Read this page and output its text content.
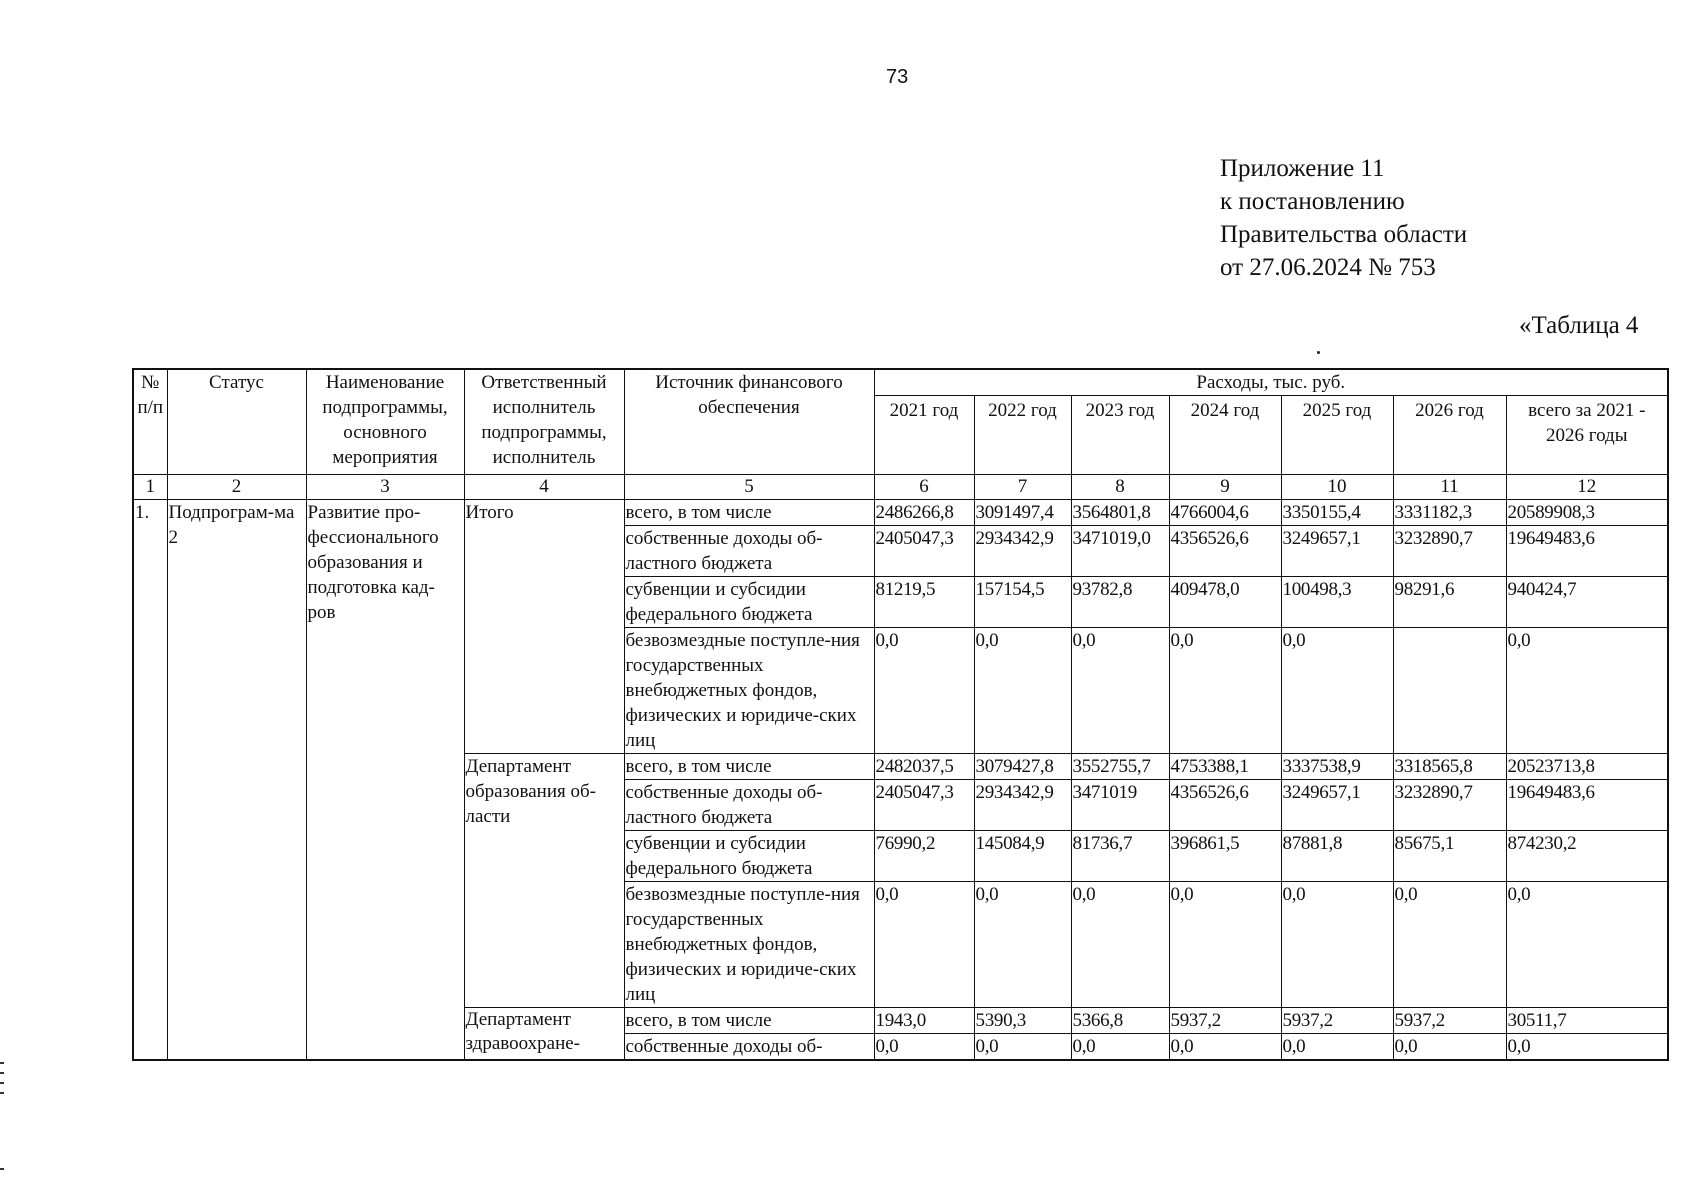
73
Приложение 11
к постановлению
Правительства области
от 27.06.2024 № 753
«Таблица 4
№ п/п	Статус	Наименование подпрограммы, основного мероприятия	Ответственный исполнитель подпрограммы, исполнитель	Источник финансового обеспечения	Расходы, тыс. руб.						
					2021 год	2022 год	2023 год	2024 год	2025 год	2026 год	всего за 2021 - 2026 годы
1	2	3	4	5	6	7	8	9	10	11	12
1.	Подпрограм-ма 2	Развитие про-фессионального образования и подготовка кад-ров	Итого	всего, в том числе	2486266,8	3091497,4	3564801,8	4766004,6	3350155,4	3331182,3	20589908,3
				собственные доходы об-ластного бюджета	2405047,3	2934342,9	3471019,0	4356526,6	3249657,1	3232890,7	19649483,6
				субвенции и субсидии федерального бюджета	81219,5	157154,5	93782,8	409478,0	100498,3	98291,6	940424,7
				безвозмездные поступле-ния государственных внебюджетных фондов, физических и юридиче-ских лиц	0,0	0,0	0,0	0,0	0,0		0,0
			Департамент образования об-ласти	всего, в том числе	2482037,5	3079427,8	3552755,7	4753388,1	3337538,9	3318565,8	20523713,8
				собственные доходы об-ластного бюджета	2405047,3	2934342,9	3471019	4356526,6	3249657,1	3232890,7	19649483,6
				субвенции и субсидии федерального бюджета	76990,2	145084,9	81736,7	396861,5	87881,8	85675,1	874230,2
				безвозмездные поступле-ния государственных внебюджетных фондов, физических и юридиче-ских лиц	0,0	0,0	0,0	0,0	0,0	0,0	0,0
			Департамент здравоохране-	всего, в том числе	1943,0	5390,3	5366,8	5937,2	5937,2	5937,2	30511,7
				собственные доходы об-	0,0	0,0	0,0	0,0	0,0	0,0	0,0
